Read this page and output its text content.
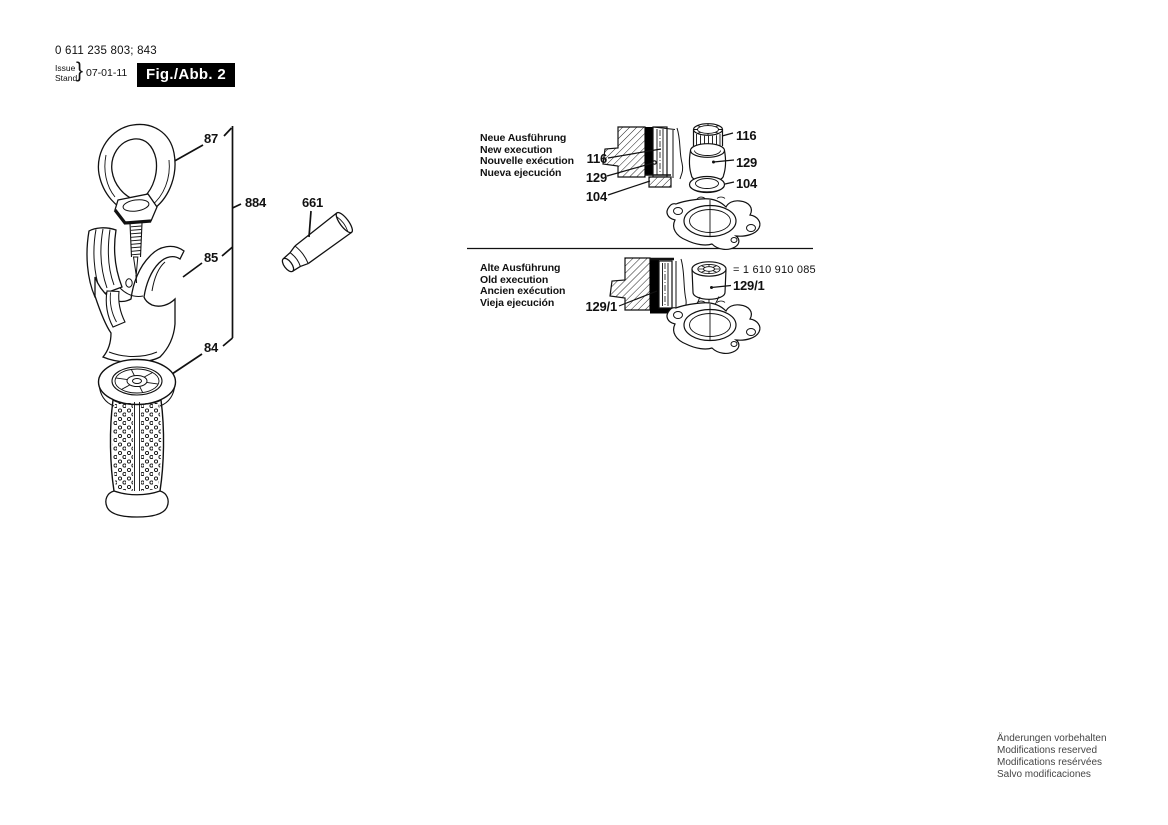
0 611 235 803; 843
Issue
Stand
} 07-01-11	Fig./Abb. 2
87
884	661
85
84
Neue Ausführung
New execution
Nouvelle exécution
Nueva ejecución
116
129
104
116
129
104
Alte Ausführung
Old execution
Ancien exécution
Vieja ejecución	129/1
= 1 610 910 085
129/1
Änderungen vorbehalten
Modifications reserved
Modifications resérvées
Salvo modificaciones
